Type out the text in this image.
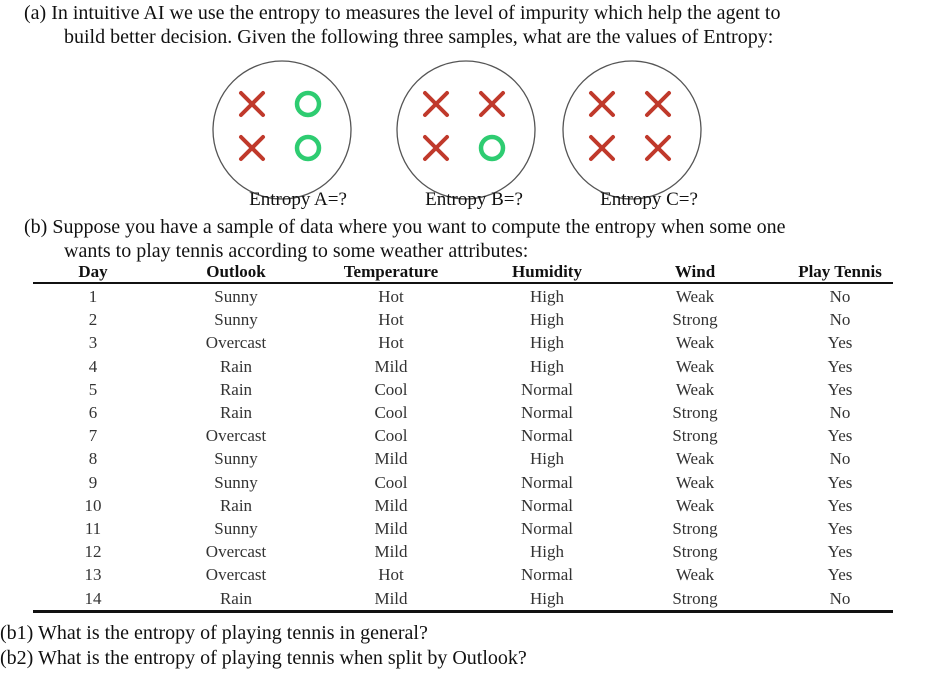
(a) In intuitive AI we use the entropy to measures the level of impurity which help the agent to
build better decision. Given the following three samples, what are the values of Entropy:
Entropy A=?	Entropy B=?	Entropy C=?
(b) Suppose you have a sample of data where you want to compute the entropy when some one
wants to play tennis according to some weather attributes:
Day	Outlook	Temperature	Humidity	Wind	Play Tennis
1	Sunny	Hot	High	Weak	No
2	Sunny	Hot	High	Strong	No
3	Overcast	Hot	High	Weak	Yes
4	Rain	Mild	High	Weak	Yes
5	Rain	Cool	Normal	Weak	Yes
6	Rain	Cool	Normal	Strong	No
7	Overcast	Cool	Normal	Strong	Yes
8	Sunny	Mild	High	Weak	No
9	Sunny	Cool	Normal	Weak	Yes
10	Rain	Mild	Normal	Weak	Yes
11	Sunny	Mild	Normal	Strong	Yes
12	Overcast	Mild	High	Strong	Yes
13	Overcast	Hot	Normal	Weak	Yes
14	Rain	Mild	High	Strong	No
(b1) What is the entropy of playing tennis in general?
(b2) What is the entropy of playing tennis when split by Outlook?
